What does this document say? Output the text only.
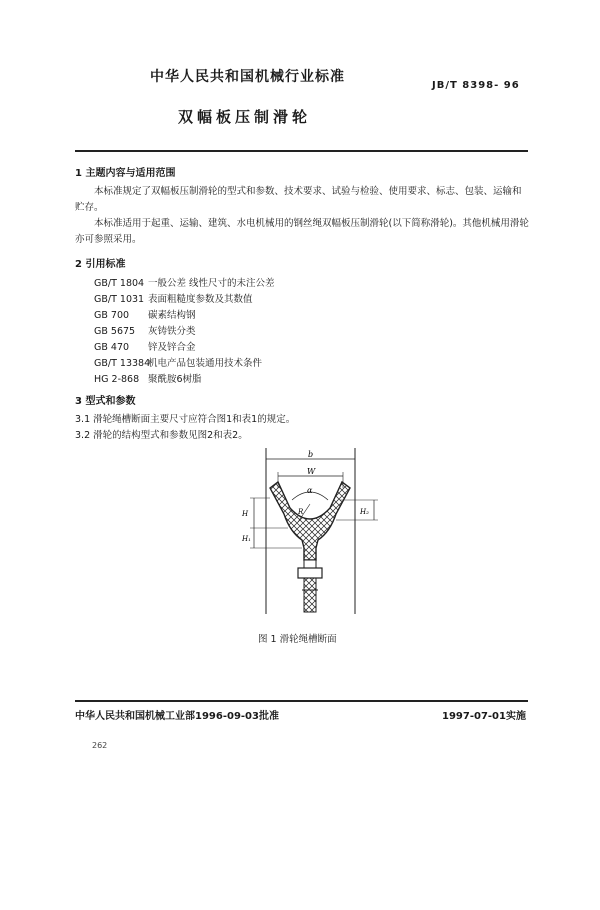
中华人民共和国机械行业标准
JB/T 8398- 96
双幅板压制滑轮
1 主题内容与适用范围
本标准规定了双幅板压制滑轮的型式和参数、技术要求、试验与检验、使用要求、标志、包装、运输和贮存。
本标准适用于起重、运输、建筑、水电机械用的钢丝绳双幅板压制滑轮(以下简称滑轮)。其他机械用滑轮亦可参照采用。
2 引用标准
GB/T 1804 一般公差 线性尺寸的未注公差
GB/T 1031 表面粗糙度参数及其数值
GB 700 碳素结构钢
GB 5675 灰铸铁分类
GB 470 锌及锌合金
GB/T 13384机电产品包装通用技术条件
HG 2-868 聚酰胺6树脂
3 型式和参数
3.1 滑轮绳槽断面主要尺寸应符合图1和表1的规定。
3.2 滑轮的结构型式和参数见图2和表2。
b
W
α
R
H
H₁
H₂
图 1 滑轮绳槽断面
中华人民共和国机械工业部1996-09-03批准	1997-07-01实施
262
